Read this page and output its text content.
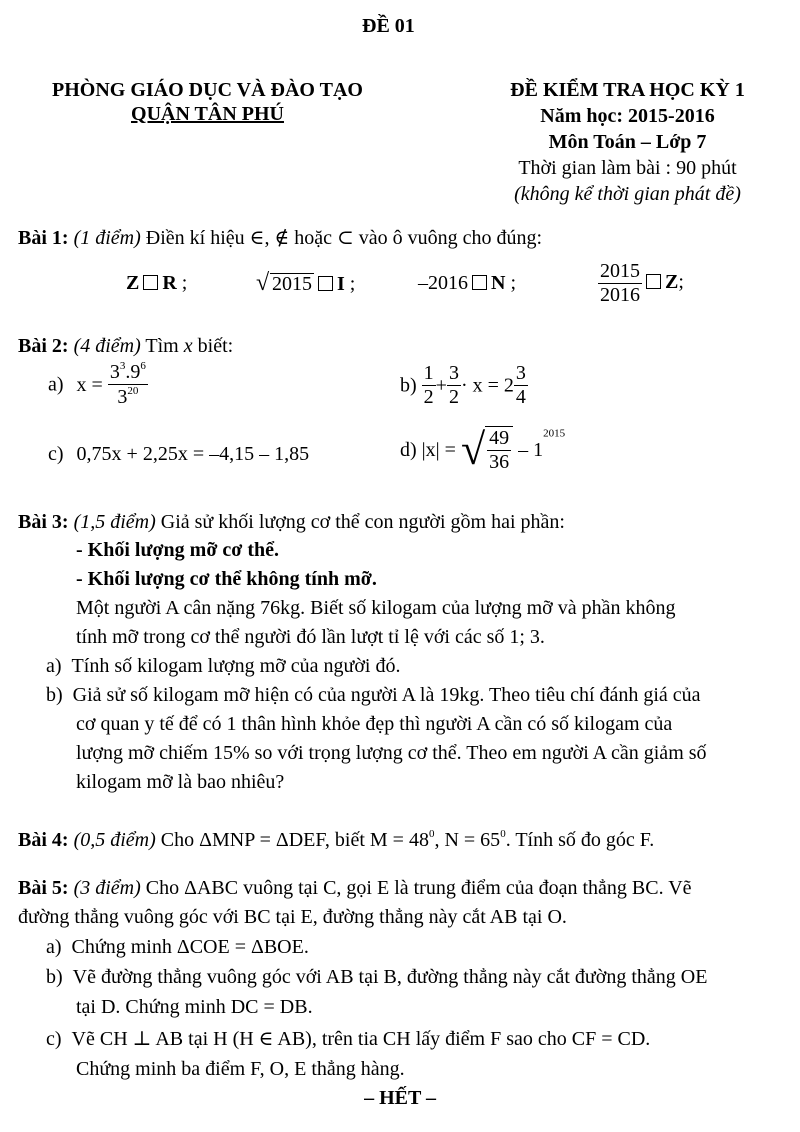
ĐỀ 01
PHÒNG GIÁO DỤC VÀ ĐÀO TẠO
QUẬN TÂN PHÚ
ĐỀ KIỂM TRA HỌC KỲ 1
Năm học: 2015-2016
Môn Toán – Lớp 7
Thời gian làm bài : 90 phút
(không kể thời gian phát đề)
Bài 1: (1 điểm) Điền kí hiệu ∈, ∉ hoặc ⊂ vào ô vuông cho đúng:
Z R ;	√ 2015 I ;	–2016 N ;	$\frac{2015}{2016} Z$;
Bài 2: (4 điểm) Tìm x biết:
a) $x = \frac{3^3.9^6}{3^{20}}$	$b) \frac{1}{2} + \frac{3}{2} \cdot x = 2 \frac{3}{4}$
c) 0,75x + 2,25x = –4,15 – 1,85	d) |x| = √ $\frac{49}{36} - 1^{2015}$
Bài 3: (1,5 điểm) Giả sử khối lượng cơ thể con người gồm hai phần:
- Khối lượng mỡ cơ thể.
- Khối lượng cơ thể không tính mỡ.
Một người A cân nặng 76kg. Biết số kilogam của lượng mỡ và phần không
tính mỡ trong cơ thể người đó lần lượt tỉ lệ với các số 1; 3.
a) Tính số kilogam lượng mỡ của người đó.
b) Giả sử số kilogam mỡ hiện có của người A là 19kg. Theo tiêu chí đánh giá của
cơ quan y tế để có 1 thân hình khỏe đẹp thì người A cần có số kilogam của
lượng mỡ chiếm 15% so với trọng lượng cơ thể. Theo em người A cần giảm số
kilogam mỡ là bao nhiêu?
Bài 4: (0,5 điểm) Cho ΔMNP = ΔDEF, biết $M = 48^0$, $N = 65^0$. Tính số đo góc F.
Bài 5: (3 điểm) Cho ΔABC vuông tại C, gọi E là trung điểm của đoạn thẳng BC. Vẽ
đường thẳng vuông góc với BC tại E, đường thẳng này cắt AB tại O.
a) Chứng minh ΔCOE = ΔBOE.
b) Vẽ đường thẳng vuông góc với AB tại B, đường thẳng này cắt đường thẳng OE
tại D. Chứng minh DC = DB.
c) Vẽ CH ⊥ AB tại H (H ∈ AB), trên tia CH lấy điểm F sao cho CF = CD.
Chứng minh ba điểm F, O, E thẳng hàng.
– HẾT –
